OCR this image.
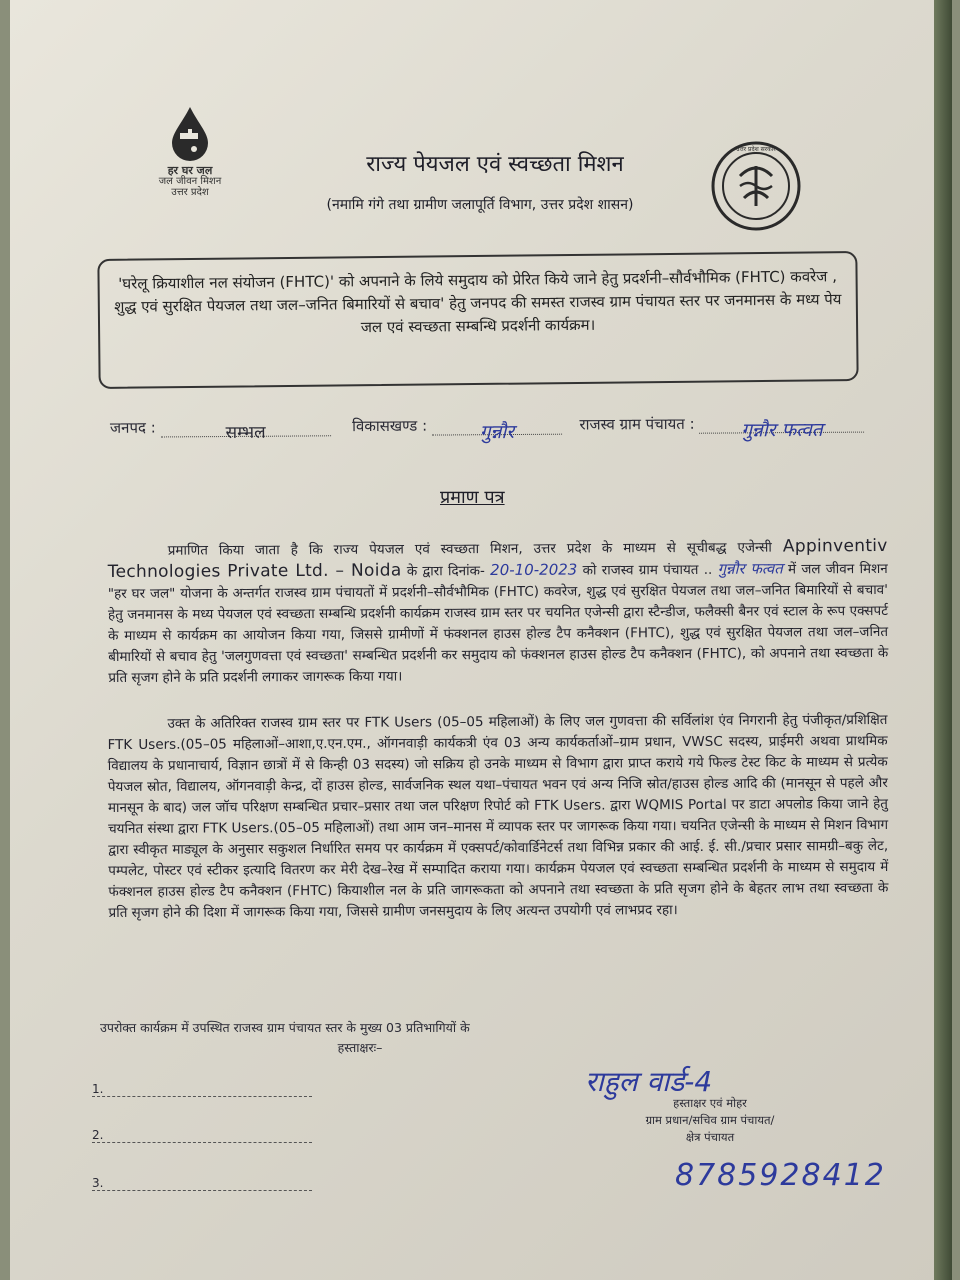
हर घर जल
जल जीवन मिशन
उत्तर प्रदेश
उत्तर प्रदेश सरकार
राज्य पेयजल एवं स्वच्छता मिशन
(नमामि गंगे तथा ग्रामीण जलापूर्ति विभाग, उत्तर प्रदेश शासन)
'घरेलू क्रियाशील नल संयोजन (FHTC)' को अपनाने के लिये समुदाय को प्रेरित किये जाने हेतु प्रदर्शनी–सौर्वभौमिक (FHTC) कवरेज , शुद्ध एवं सुरक्षित पेयजल तथा जल–जनित बिमारियों से बचाव' हेतु जनपद की समस्त राजस्व ग्राम पंचायत स्तर पर जनमानस के मध्य पेय जल एवं स्वच्छता सम्बन्धि प्रदर्शनी कार्यक्रम।
जनपद :	सम्भल	विकासखण्ड :	गुन्नौर	राजस्व ग्राम पंचायत : गुन्नौर फत्वत
प्रमाण पत्र
प्रमाणित किया जाता है कि राज्य पेयजल एवं स्वच्छता मिशन, उत्तर प्रदेश के माध्यम से सूचीबद्ध एजेन्सी Appinventiv Technologies Private Ltd. – Noida के द्वारा दिनांक- 20-10-2023 को राजस्व ग्राम पंचायत .. गुन्नौर फत्वत में जल जीवन मिशन "हर घर जल" योजना के अन्तर्गत राजस्व ग्राम पंचायतों में प्रदर्शनी–सौर्वभौमिक (FHTC) कवरेज, शुद्ध एवं सुरक्षित पेयजल तथा जल–जनित बिमारियों से बचाव' हेतु जनमानस के मध्य पेयजल एवं स्वच्छता सम्बन्धि प्रदर्शनी कार्यक्रम राजस्व ग्राम स्तर पर चयनित एजेन्सी द्वारा स्टैन्डीज, फलैक्सी बैनर एवं स्टाल के रूप एक्सपर्ट के माध्यम से कार्यक्रम का आयोजन किया गया, जिससे ग्रामीणों में फंक्शनल हाउस होल्ड टैप कनैक्शन (FHTC), शुद्ध एवं सुरक्षित पेयजल तथा जल–जनित बीमारियों से बचाव हेतु 'जलगुणवत्ता एवं स्वच्छता' सम्बन्धित प्रदर्शनी कर समुदाय को फंक्शनल हाउस होल्ड टैप कनैक्शन (FHTC), को अपनाने तथा स्वच्छता के प्रति सृजग होने के प्रति प्रदर्शनी लगाकर जागरूक किया गया।
उक्त के अतिरिक्त राजस्व ग्राम स्तर पर FTK Users (05–05 महिलाओं) के लिए जल गुणवत्ता की सर्विलांश एंव निगरानी हेतु पंजीकृत/प्रशिक्षित FTK Users.(05–05 महिलाओं–आशा,ए.एन.एम., ऑगनवाड़ी कार्यकत्री एंव 03 अन्य कार्यकर्ताओं–ग्राम प्रधान, VWSC सदस्य, प्राईमरी अथवा प्राथमिक विद्यालय के प्रधानाचार्य, विज्ञान छात्रों में से किन्ही 03 सदस्य) जो सक्रिय हो उनके माध्यम से विभाग द्वारा प्राप्त कराये गये फिल्ड टेस्ट किट के माध्यम से प्रत्येक पेयजल स्रोत, विद्यालय, ऑगनवाड़ी केन्द्र, दों हाउस होल्ड, सार्वजनिक स्थल यथा–पंचायत भवन एवं अन्य निजि स्रोत/हाउस होल्ड आदि की (मानसून से पहले और मानसून के बाद) जल जॉच परिक्षण सम्बन्धित प्रचार–प्रसार तथा जल परिक्षण रिपोर्ट को FTK Users. द्वारा WQMIS Portal पर डाटा अपलोड किया जाने हेतु चयनित संस्था द्वारा FTK Users.(05–05 महिलाओं) तथा आम जन–मानस में व्यापक स्तर पर जागरूक किया गया। चयनित एजेन्सी के माध्यम से मिशन विभाग द्वारा स्वीकृत माड्यूल के अनुसार सकुशल निर्धारित समय पर कार्यक्रम में एक्सपर्ट/कोवार्डिनेटर्स तथा विभिन्न प्रकार की आई. ई. सी./प्रचार प्रसार सामग्री–बकु लेट, पम्पलेट, पोस्टर एवं स्टीकर इत्यादि वितरण कर मेरी देख–रेख में सम्पादित कराया गया। कार्यक्रम पेयजल एवं स्वच्छता सम्बन्धित प्रदर्शनी के माध्यम से समुदाय में फंक्शनल हाउस होल्ड टैप कनैक्शन (FHTC) कियाशील नल के प्रति जागरूकता को अपनाने तथा स्वच्छता के प्रति सृजग होने के बेहतर लाभ तथा स्वच्छता के प्रति सृजग होने की दिशा में जागरूक किया गया, जिससे ग्रामीण जनसमुदाय के लिए अत्यन्त उपयोगी एवं लाभप्रद रहा।
उपरोक्त कार्यक्रम में उपस्थित राजस्व ग्राम पंचायत स्तर के मुख्य 03 प्रतिभागियों के
हस्ताक्षरः–
1.
2.
3.
राहुल वार्ड-4
हस्ताक्षर एवं मोहर
ग्राम प्रधान/सचिव ग्राम पंचायत/
क्षेत्र पंचायत
8785928412
